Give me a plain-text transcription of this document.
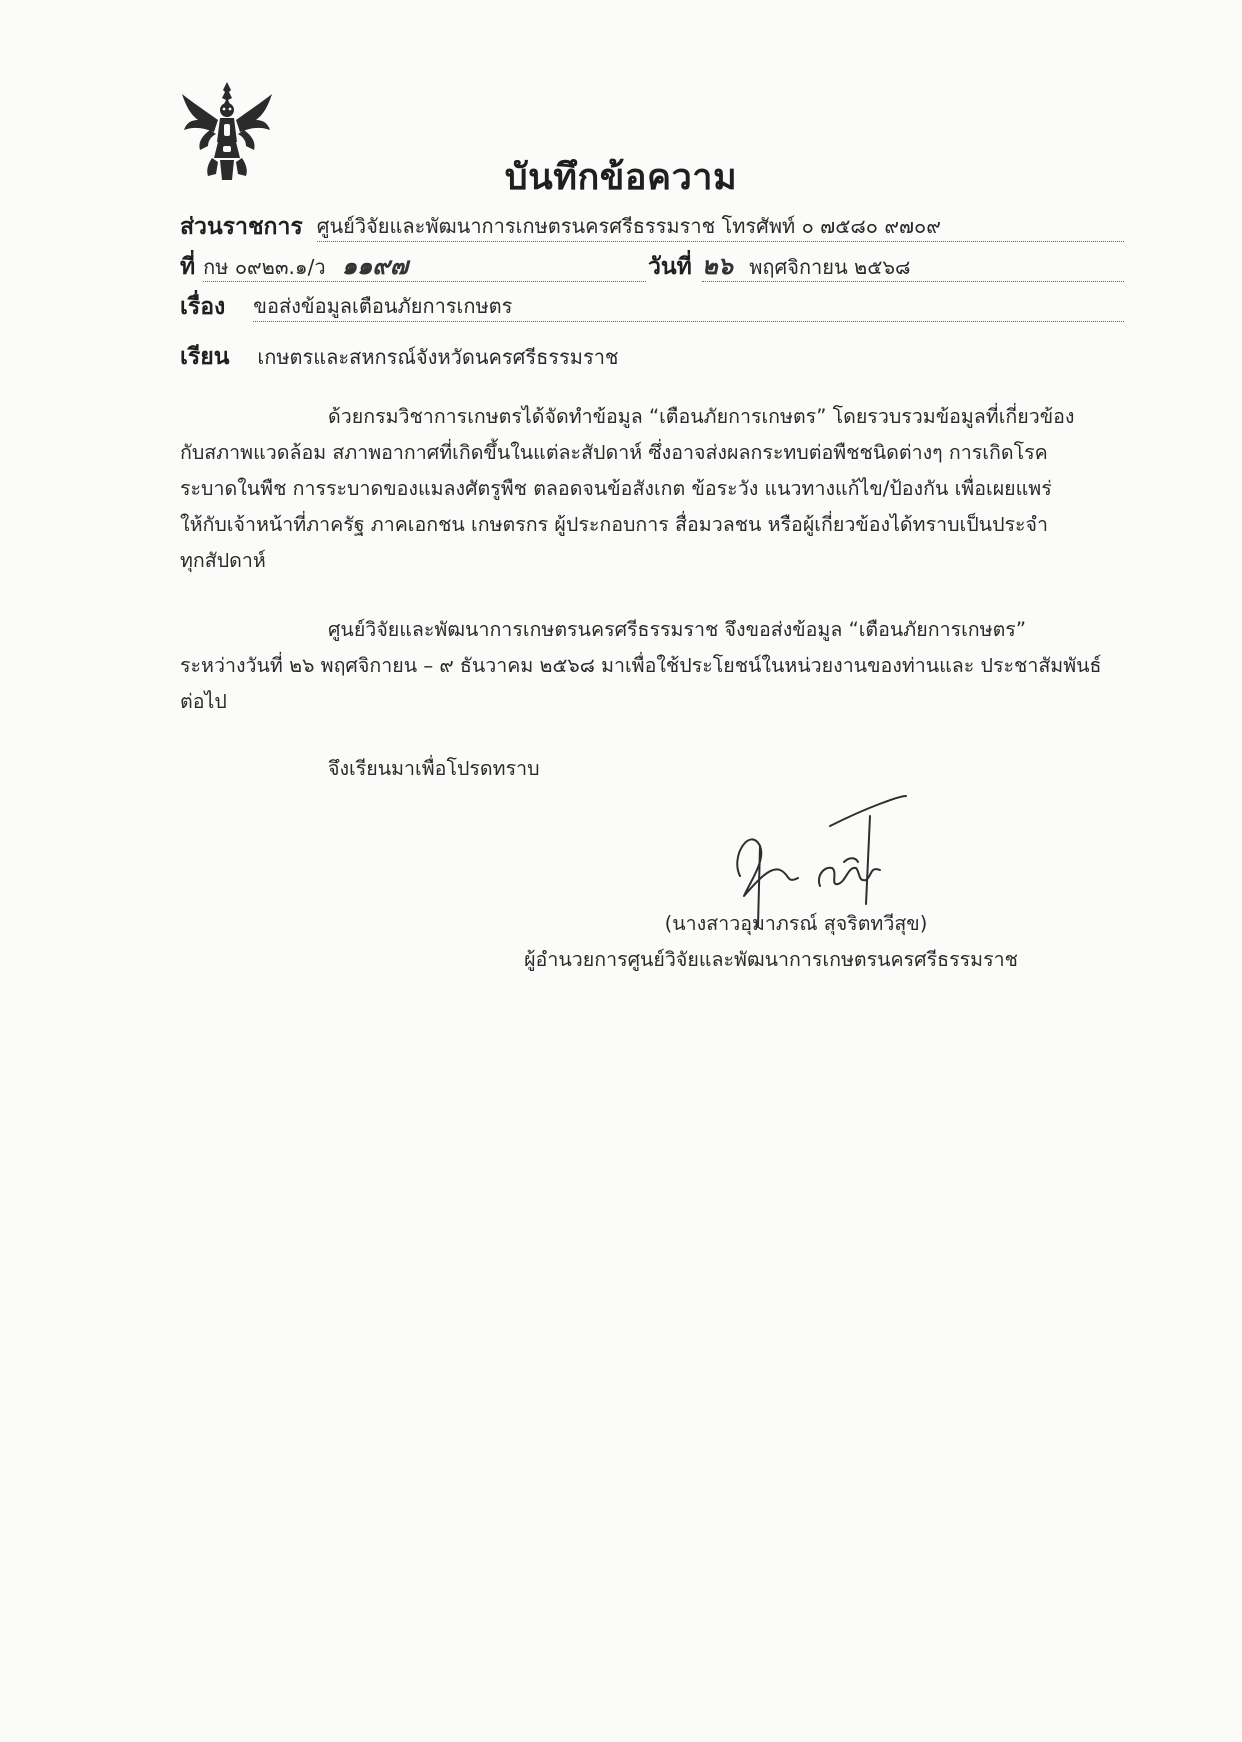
บันทึกข้อความ
ส่วนราชการ ศูนย์วิจัยและพัฒนาการเกษตรนครศรีธรรมราช โทรศัพท์ ๐ ๗๕๘๐ ๙๗๐๙
ที่ กษ ๐๙๒๓.๑/ว ๑๑๙๗	วันที่ ๒๖ พฤศจิกายน ๒๕๖๘
เรื่อง ขอส่งข้อมูลเตือนภัยการเกษตร
เรียน เกษตรและสหกรณ์จังหวัดนครศรีธรรมราช
ด้วยกรมวิชาการเกษตรได้จัดทำข้อมูล “เตือนภัยการเกษตร” โดยรวบรวมข้อมูลที่เกี่ยวข้อง
กับสภาพแวดล้อม สภาพอากาศที่เกิดขึ้นในแต่ละสัปดาห์ ซึ่งอาจส่งผลกระทบต่อพืชชนิดต่างๆ การเกิดโรค
ระบาดในพืช การระบาดของแมลงศัตรูพืช ตลอดจนข้อสังเกต ข้อระวัง แนวทางแก้ไข/ป้องกัน เพื่อเผยแพร่
ให้กับเจ้าหน้าที่ภาครัฐ ภาคเอกชน เกษตรกร ผู้ประกอบการ สื่อมวลชน หรือผู้เกี่ยวข้องได้ทราบเป็นประจำ
ทุกสัปดาห์
ศูนย์วิจัยและพัฒนาการเกษตรนครศรีธรรมราช จึงขอส่งข้อมูล “เตือนภัยการเกษตร”
ระหว่างวันที่ ๒๖ พฤศจิกายน – ๙ ธันวาคม ๒๕๖๘ มาเพื่อใช้ประโยชน์ในหน่วยงานของท่านและ ประชาสัมพันธ์
ต่อไป
จึงเรียนมาเพื่อโปรดทราบ
(นางสาวอุมาภรณ์ สุจริตทวีสุข)
ผู้อำนวยการศูนย์วิจัยและพัฒนาการเกษตรนครศรีธรรมราช
